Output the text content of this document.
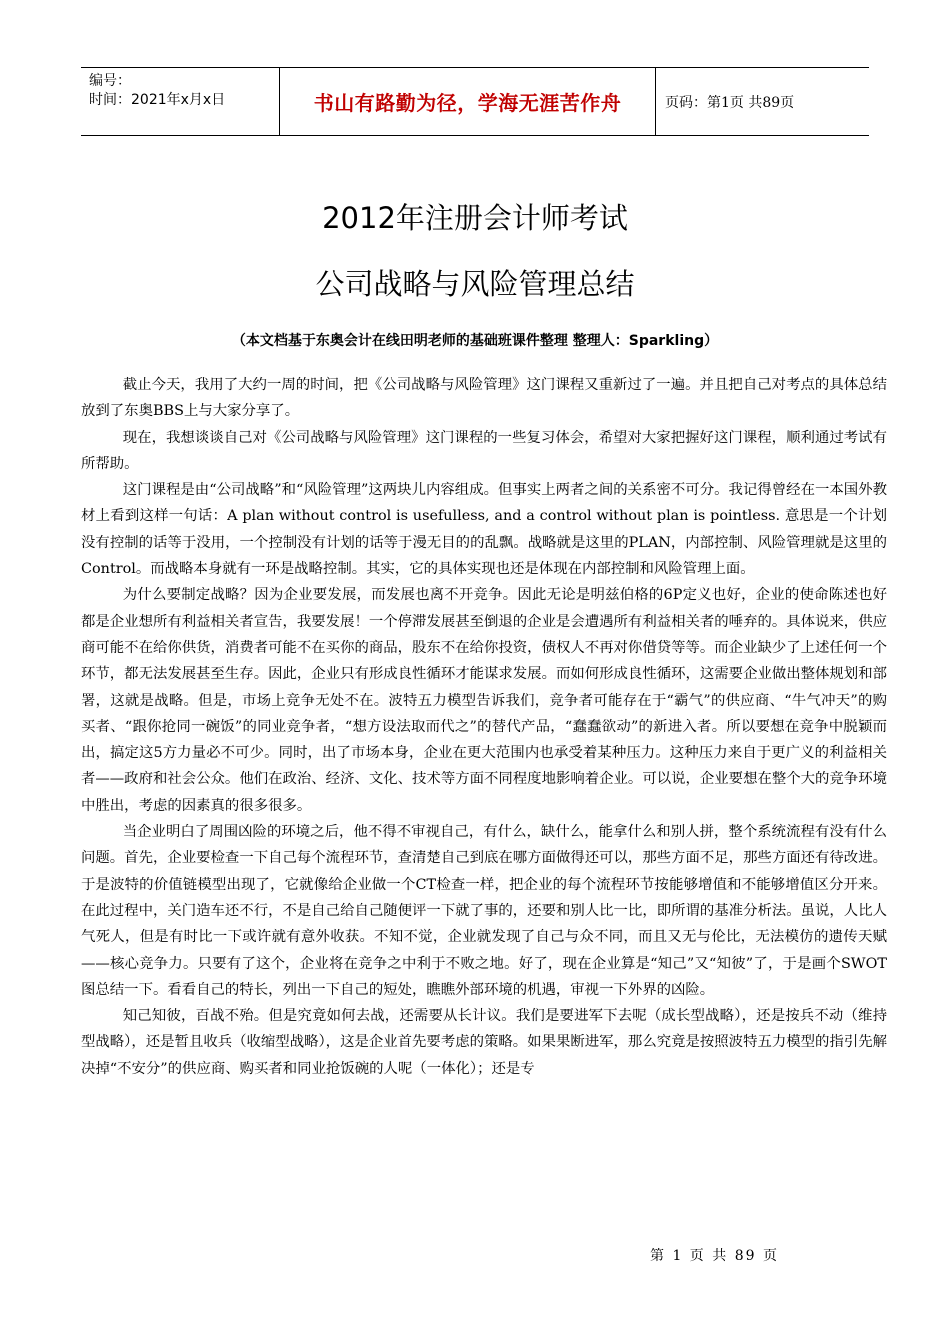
编号：
时间：2021年x月x日	书山有路勤为径，学海无涯苦作舟	页码：第1页 共89页
2012年注册会计师考试
公司战略与风险管理总结
（本文档基于东奥会计在线田明老师的基础班课件整理 整理人：Sparkling）

截止今天，我用了大约一周的时间，把《公司战略与风险管理》这门课程又重新过了一遍。并且把自己对考点的具体总结放到了东奥BBS上与大家分享了。

现在，我想谈谈自己对《公司战略与风险管理》这门课程的一些复习体会，希望对大家把握好这门课程，顺利通过考试有所帮助。

这门课程是由“公司战略”和“风险管理”这两块儿内容组成。但事实上两者之间的关系密不可分。我记得曾经在一本国外教材上看到这样一句话：A plan without control is usefulless, and a control without plan is pointless. 意思是一个计划没有控制的话等于没用，一个控制没有计划的话等于漫无目的的乱飘。战略就是这里的PLAN，内部控制、风险管理就是这里的Control。而战略本身就有一环是战略控制。其实，它的具体实现也还是体现在内部控制和风险管理上面。

为什么要制定战略？因为企业要发展，而发展也离不开竞争。因此无论是明兹伯格的6P定义也好，企业的使命陈述也好都是企业想所有利益相关者宣告，我要发展！一个停滞发展甚至倒退的企业是会遭遇所有利益相关者的唾弃的。具体说来，供应商可能不在给你供货，消费者可能不在买你的商品，股东不在给你投资，债权人不再对你借贷等等。而企业缺少了上述任何一个环节，都无法发展甚至生存。因此，企业只有形成良性循环才能谋求发展。而如何形成良性循环，这需要企业做出整体规划和部署，这就是战略。但是，市场上竞争无处不在。波特五力模型告诉我们，竞争者可能存在于“霸气”的供应商、“牛气冲天”的购买者、“跟你抢同一碗饭”的同业竞争者，“想方设法取而代之”的替代产品，“蠢蠢欲动”的新进入者。所以要想在竞争中脱颖而出，搞定这5方力量必不可少。同时，出了市场本身，企业在更大范围内也承受着某种压力。这种压力来自于更广义的利益相关者——政府和社会公众。他们在政治、经济、文化、技术等方面不同程度地影响着企业。可以说，企业要想在整个大的竞争环境中胜出，考虑的因素真的很多很多。

当企业明白了周围凶险的环境之后，他不得不审视自己，有什么，缺什么，能拿什么和别人拼，整个系统流程有没有什么问题。首先，企业要检查一下自己每个流程环节，查清楚自己到底在哪方面做得还可以，那些方面不足，那些方面还有待改进。于是波特的价值链模型出现了，它就像给企业做一个CT检查一样，把企业的每个流程环节按能够增值和不能够增值区分开来。在此过程中，关门造车还不行，不是自己给自己随便评一下就了事的，还要和别人比一比，即所谓的基准分析法。虽说，人比人气死人，但是有时比一下或许就有意外收获。不知不觉，企业就发现了自己与众不同，而且又无与伦比，无法模仿的遗传天赋——核心竞争力。只要有了这个，企业将在竞争之中利于不败之地。好了，现在企业算是“知己”又“知彼”了，于是画个SWOT图总结一下。看看自己的特长，列出一下自己的短处，瞧瞧外部环境的机遇，审视一下外界的凶险。

知己知彼，百战不殆。但是究竟如何去战，还需要从长计议。我们是要进军下去呢（成长型战略），还是按兵不动（维持型战略），还是暂且收兵（收缩型战略），这是企业首先要考虑的策略。如果果断进军，那么究竟是按照波特五力模型的指引先解决掉“不安分”的供应商、购买者和同业抢饭碗的人呢（一体化）；还是专

第 1 页 共 89 页
